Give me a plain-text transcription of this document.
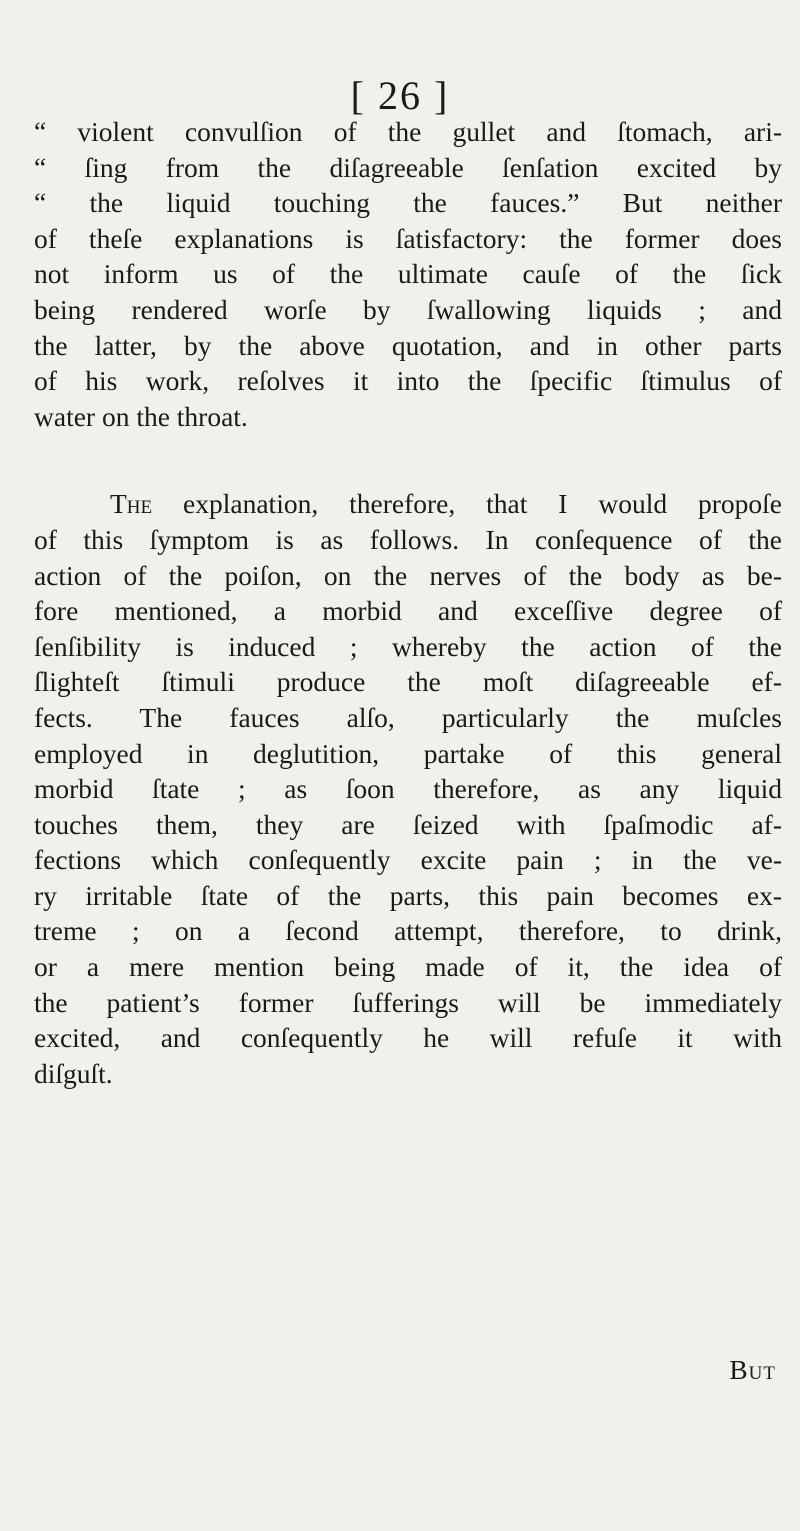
[ 26 ]
“ violent convulſion of the gullet and ſtomach, ari-
“ ſing from the diſagreeable ſenſation excited by
“ the liquid touching the fauces.” But neither
of theſe explanations is ſatisfactory: the former does
not inform us of the ultimate cauſe of the ſick
being rendered worſe by ſwallowing liquids ; and
the latter, by the above quotation, and in other parts
of his work, reſolves it into the ſpecific ſtimulus of
water on the throat.
The explanation, therefore, that I would propoſe
of this ſymptom is as follows. In conſequence of the
action of the poiſon, on the nerves of the body as be-
fore mentioned, a morbid and exceſſive degree of
ſenſibility is induced ; whereby the action of the
ſlighteſt ſtimuli produce the moſt diſagreeable ef-
fects. The fauces alſo, particularly the muſcles
employed in deglutition, partake of this general
morbid ſtate ; as ſoon therefore, as any liquid
touches them, they are ſeized with ſpaſmodic af-
fections which conſequently excite pain ; in the ve-
ry irritable ſtate of the parts, this pain becomes ex-
treme ; on a ſecond attempt, therefore, to drink,
or a mere mention being made of it, the idea of
the patient’s former ſufferings will be immediately
excited, and conſequently he will refuſe it with
diſguſt.
But
